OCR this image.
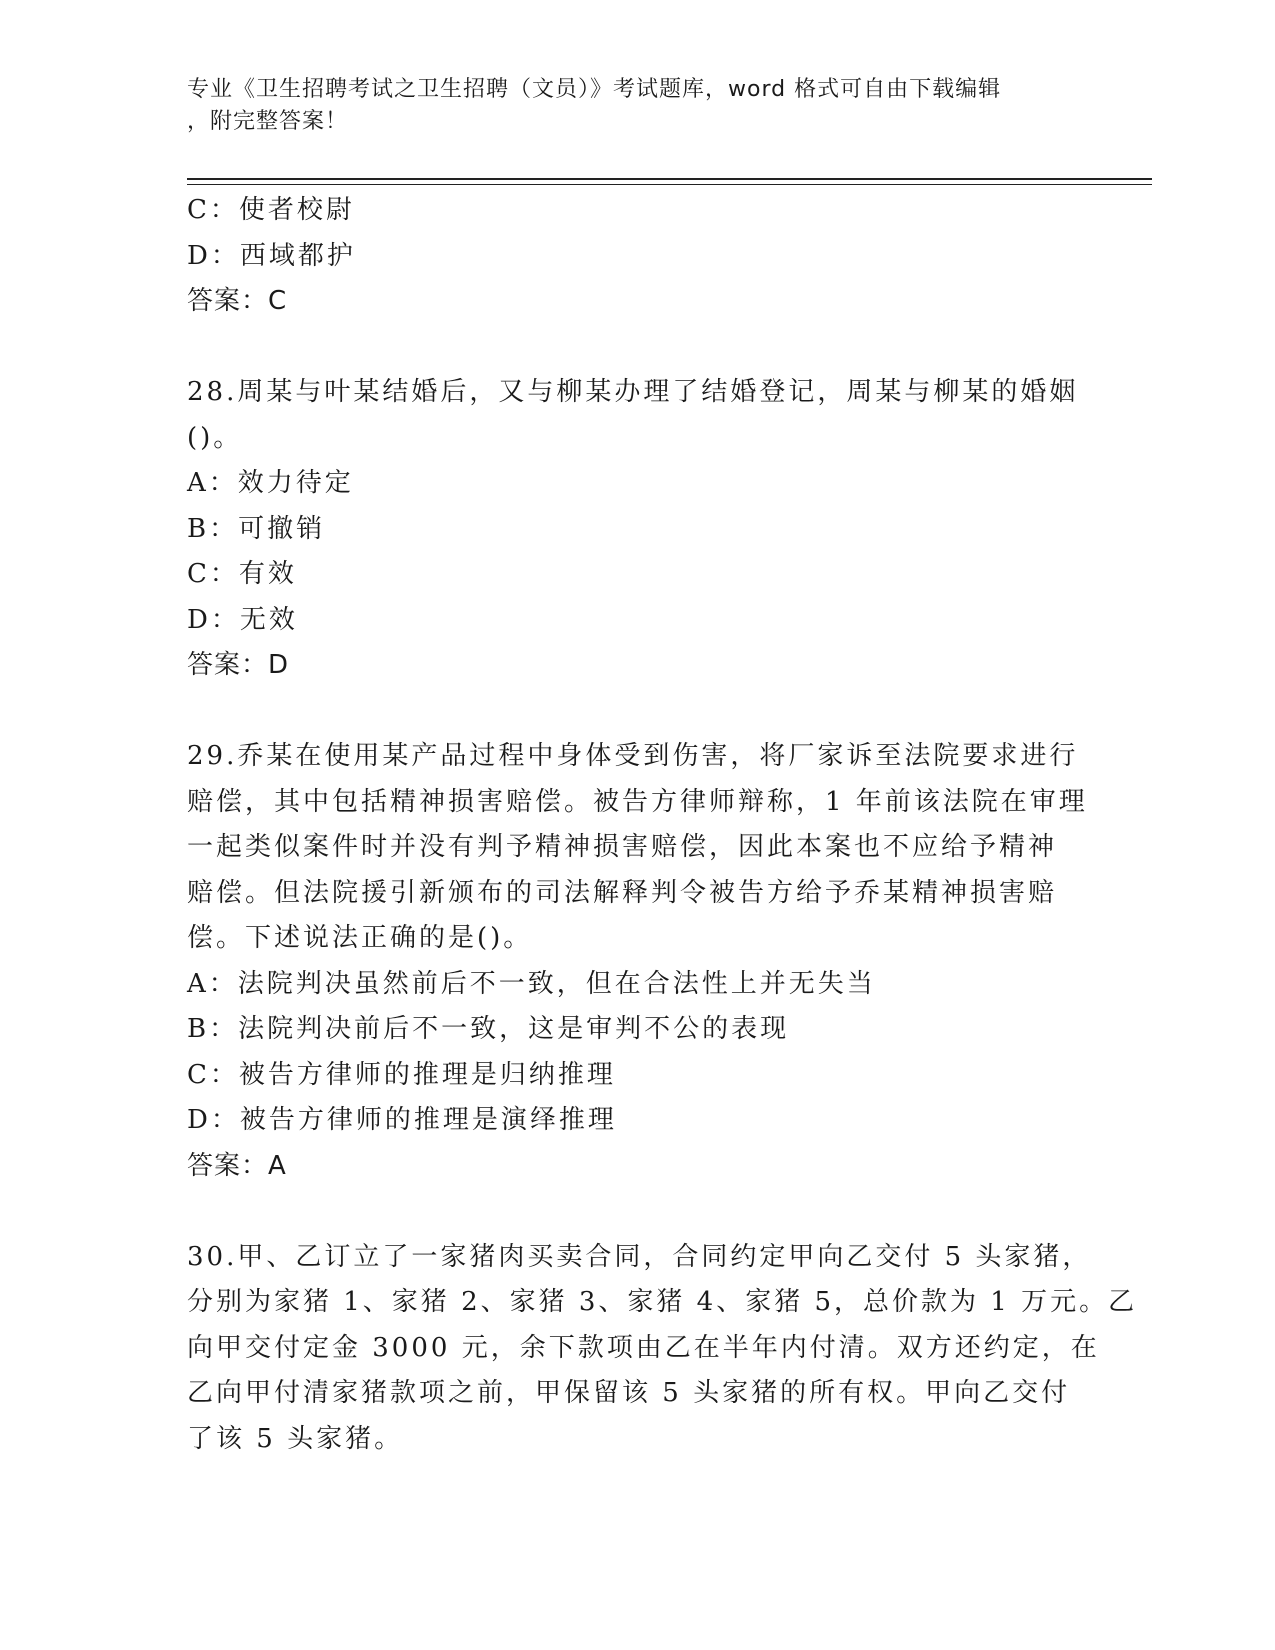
专业《卫生招聘考试之卫生招聘（文员）》考试题库，word 格式可自由下载编辑
，附完整答案！
C：使者校尉
D：西域都护
答案：C
28.周某与叶某结婚后，又与柳某办理了结婚登记，周某与柳某的婚姻
()。
A：效力待定
B：可撤销
C：有效
D：无效
答案：D
29.乔某在使用某产品过程中身体受到伤害，将厂家诉至法院要求进行
赔偿，其中包括精神损害赔偿。被告方律师辩称，1 年前该法院在审理
一起类似案件时并没有判予精神损害赔偿，因此本案也不应给予精神
赔偿。但法院援引新颁布的司法解释判令被告方给予乔某精神损害赔
偿。下述说法正确的是()。
A：法院判决虽然前后不一致，但在合法性上并无失当
B：法院判决前后不一致，这是审判不公的表现
C：被告方律师的推理是归纳推理
D：被告方律师的推理是演绎推理
答案：A
30.甲、乙订立了一家猪肉买卖合同，合同约定甲向乙交付 5 头家猪，
分别为家猪 1、家猪 2、家猪 3、家猪 4、家猪 5，总价款为 1 万元。乙
向甲交付定金 3000 元，余下款项由乙在半年内付清。双方还约定，在
乙向甲付清家猪款项之前，甲保留该 5 头家猪的所有权。甲向乙交付
了该 5 头家猪。
